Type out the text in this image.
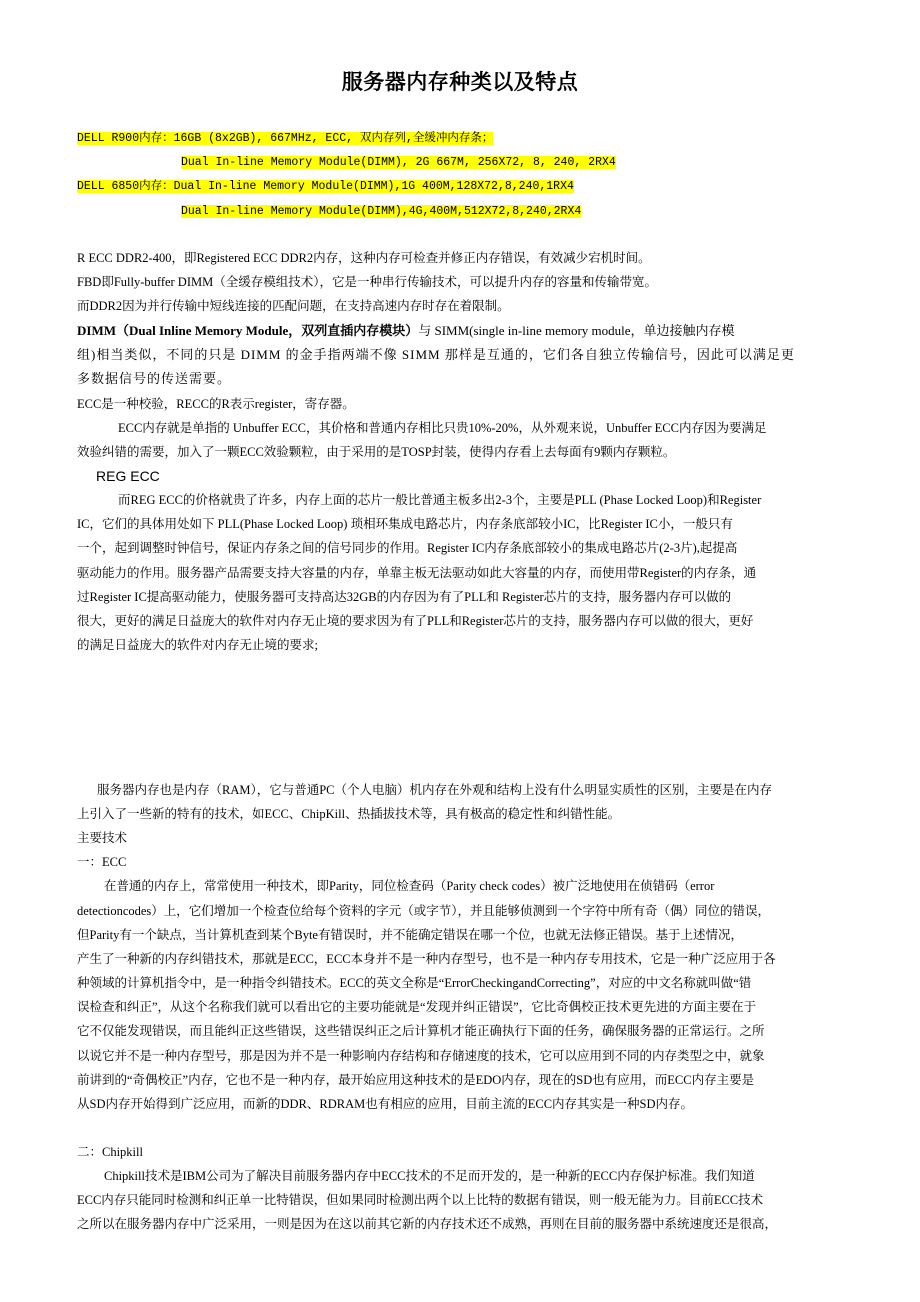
服务器内存种类以及特点
DELL R900内存：16GB (8x2GB), 667MHz, ECC, 双内存列,全缓冲内存条；
Dual In-line Memory Module(DIMM), 2G 667M, 256X72, 8, 240, 2RX4
DELL 6850内存：Dual In-line Memory Module(DIMM),1G 400M,128X72,8,240,1RX4
Dual In-line Memory Module(DIMM),4G,400M,512X72,8,240,2RX4
R ECC DDR2-400，即Registered ECC DDR2内存，这种内存可检查并修正内存错误，有效减少宕机时间。
FBD即Fully-buffer DIMM（全缓存模组技术），它是一种串行传输技术，可以提升内存的容量和传输带宽。
而DDR2因为并行传输中短线连接的匹配问题，在支持高速内存时存在着限制。
DIMM（Dual Inline Memory Module，双列直插内存模块）与 SIMM(single in-line memory module，单边接触内存模
组)相当类似，不同的只是 DIMM 的金手指两端不像 SIMM 那样是互通的，它们各自独立传输信号，因此可以满足更
多数据信号的传送需要。
ECC是一种校验，RECC的R表示register，寄存器。
ECC内存就是单指的 Unbuffer ECC，其价格和普通内存相比只贵10%-20%，从外观来说，Unbuffer ECC内存因为要满足
效验纠错的需要，加入了一颗ECC效验颗粒，由于采用的是TOSP封装，使得内存看上去每面有9颗内存颗粒。
REG ECC
而REG ECC的价格就贵了许多，内存上面的芯片一般比普通主板多出2-3个，主要是PLL (Phase Locked Loop)和Register
IC，它们的具体用处如下 PLL(Phase Locked Loop) 琐相环集成电路芯片，内存条底部较小IC，比Register IC小，一般只有
一个，起到调整时钟信号，保证内存条之间的信号同步的作用。Register IC内存条底部较小的集成电路芯片(2-3片),起提高
驱动能力的作用。服务器产品需要支持大容量的内存，单靠主板无法驱动如此大容量的内存，而使用带Register的内存条，通
过Register IC提高驱动能力，使服务器可支持高达32GB的内存因为有了PLL和 Register芯片的支持，服务器内存可以做的
很大，更好的满足日益庞大的软件对内存无止境的要求因为有了PLL和Register芯片的支持，服务器内存可以做的很大，更好
的满足日益庞大的软件对内存无止境的要求;
服务器内存也是内存（RAM），它与普通PC（个人电脑）机内存在外观和结构上没有什么明显实质性的区别，主要是在内存
上引入了一些新的特有的技术，如ECC、ChipKill、热插拔技术等，具有极高的稳定性和纠错性能。
主要技术
一：ECC
在普通的内存上，常常使用一种技术，即Parity，同位检查码（Parity check codes）被广泛地使用在侦错码（error
detectioncodes）上，它们增加一个检查位给每个资料的字元（或字节），并且能够侦测到一个字符中所有奇（偶）同位的错误，
但Parity有一个缺点，当计算机查到某个Byte有错误时，并不能确定错误在哪一个位，也就无法修正错误。基于上述情况，
产生了一种新的内存纠错技术，那就是ECC，ECC本身并不是一种内存型号，也不是一种内存专用技术，它是一种广泛应用于各
种领域的计算机指令中，是一种指令纠错技术。ECC的英文全称是“ErrorCheckingandCorrecting”，对应的中文名称就叫做“错
误检查和纠正”，从这个名称我们就可以看出它的主要功能就是“发现并纠正错误”，它比奇偶校正技术更先进的方面主要在于
它不仅能发现错误，而且能纠正这些错误，这些错误纠正之后计算机才能正确执行下面的任务，确保服务器的正常运行。之所
以说它并不是一种内存型号，那是因为并不是一种影响内存结构和存储速度的技术，它可以应用到不同的内存类型之中，就象
前讲到的“奇偶校正”内存，它也不是一种内存，最开始应用这种技术的是EDO内存，现在的SD也有应用，而ECC内存主要是
从SD内存开始得到广泛应用，而新的DDR、RDRAM也有相应的应用，目前主流的ECC内存其实是一种SD内存。
二：Chipkill
Chipkill技术是IBM公司为了解决目前服务器内存中ECC技术的不足而开发的，是一种新的ECC内存保护标准。我们知道
ECC内存只能同时检测和纠正单一比特错误，但如果同时检测出两个以上比特的数据有错误，则一般无能为力。目前ECC技术
之所以在服务器内存中广泛采用，一则是因为在这以前其它新的内存技术还不成熟，再则在目前的服务器中系统速度还是很高，
